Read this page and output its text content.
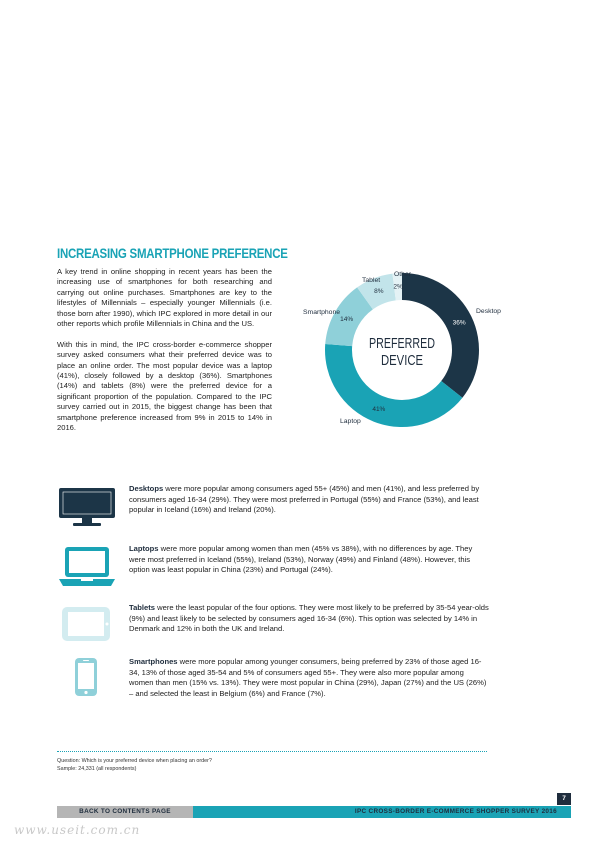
INCREASING SMARTPHONE PREFERENCE

A key trend in online shopping in recent years has been the increasing use of smartphones for both researching and carrying out online purchases. Smartphones are key to the lifestyles of Millennials – especially younger Millennials (i.e. those born after 1990), which IPC explored in more detail in our other reports which profile Millennials in China and the US.

With this in mind, the IPC cross-border e-commerce shopper survey asked consumers what their preferred device was to place an online order. The most popular device was a laptop (41%), closely followed by a desktop (36%). Smartphones (14%) and tablets (8%) were the preferred device for a significant proportion of the population. Compared to the IPC survey carried out in 2015, the biggest change has been that smartphone preference increased from 9% in 2015 to 14% in 2016.

36%
Desktop
41%
Laptop
14%
Smartphone
8%
Tablet
2%
Other
PREFERRED
DEVICE
Desktops were more popular among consumers aged 55+ (45%) and men (41%), and less preferred by consumers aged 16-34 (29%). They were most preferred in Portugal (55%) and France (53%), and least popular in Iceland (16%) and Ireland (20%).
Laptops were more popular among women than men (45% vs 38%), with no differences by age. They were most preferred in Iceland (55%), Ireland (53%), Norway (49%) and Finland (48%). However, this option was least popular in China (23%) and Portugal (24%).
Tablets were the least popular of the four options. They were most likely to be preferred by 35-54 year-olds (9%) and least likely to be selected by consumers aged 16-34 (6%). This option was selected by 14% in Denmark and 12% in both the UK and Ireland.
Smartphones were more popular among younger consumers, being preferred by 23% of those aged 16-34, 13% of those aged 35-54 and 5% of consumers aged 55+. They were also more popular among women than men (15% vs. 13%). They were most popular in China (29%), Japan (27%) and the US (26%) – and selected the least in Belgium (6%) and France (7%).
Question: Which is your preferred device when placing an order?
Sample: 24,331 (all respondents)
7
BACK TO CONTENTS PAGE	IPC CROSS-BORDER E-COMMERCE SHOPPER SURVEY 2016
www.useit.com.cn
